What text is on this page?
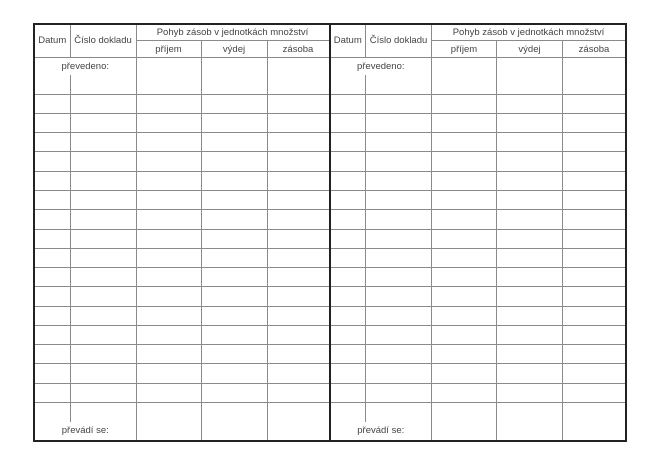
Datum	Číslo dokladu	Pohyb zásob v jednotkách množství		
		příjem	výdej	zásoba
převedeno:				

převádí se:				
Datum	Číslo dokladu	Pohyb zásob v jednotkách množství		
		příjem	výdej	zásoba
převedeno:				

převádí se:				
